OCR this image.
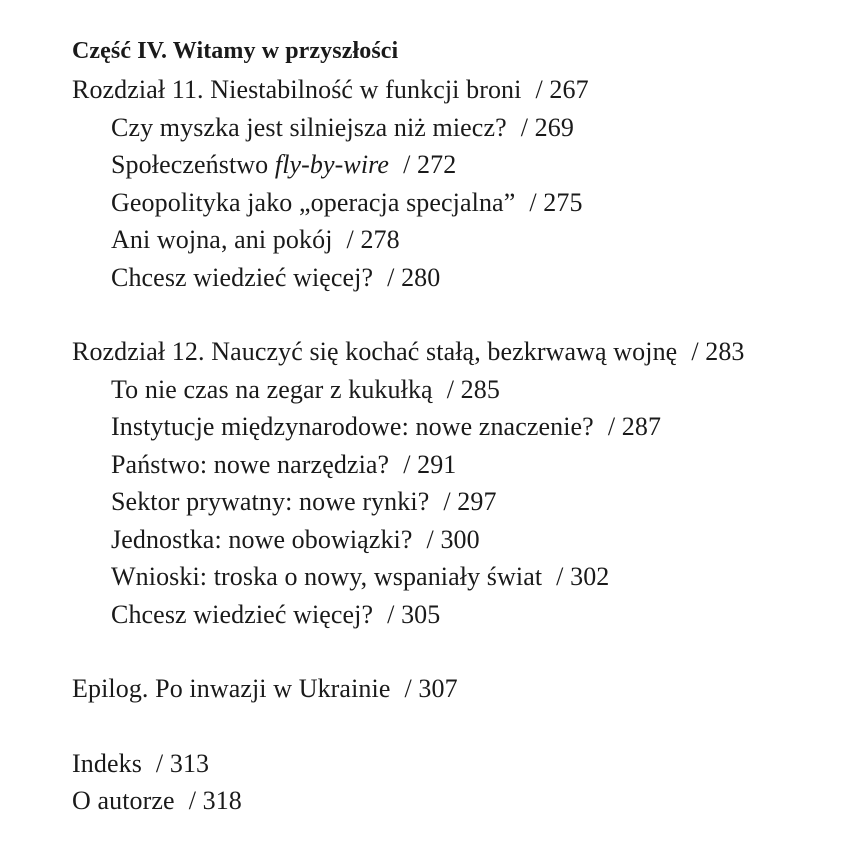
Część IV. Witamy w przyszłości
Rozdział 11. Niestabilność w funkcji broni / 267
Czy myszka jest silniejsza niż miecz? / 269
Społeczeństwo fly-by-wire / 272
Geopolityka jako „operacja specjalna” / 275
Ani wojna, ani pokój / 278
Chcesz wiedzieć więcej? / 280
Rozdział 12. Nauczyć się kochać stałą, bezkrwawą wojnę / 283
To nie czas na zegar z kukułką / 285
Instytucje międzynarodowe: nowe znaczenie? / 287
Państwo: nowe narzędzia? / 291
Sektor prywatny: nowe rynki? / 297
Jednostka: nowe obowiązki? / 300
Wnioski: troska o nowy, wspaniały świat / 302
Chcesz wiedzieć więcej? / 305
Epilog. Po inwazji w Ukrainie / 307
Indeks / 313
O autorze / 318
